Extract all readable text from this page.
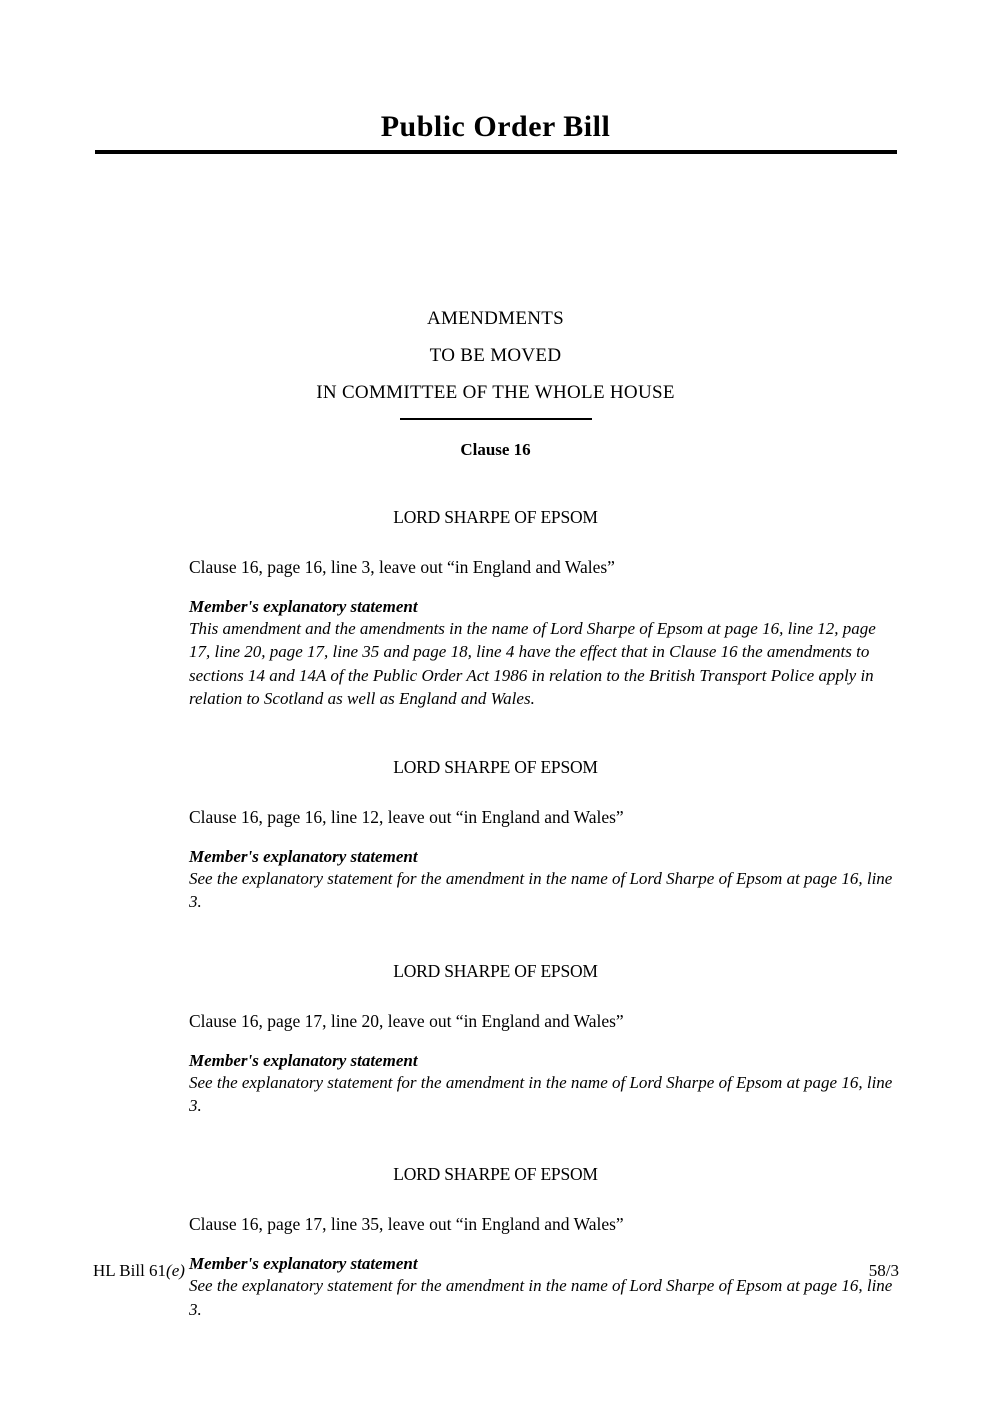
Public Order Bill
AMENDMENTS
TO BE MOVED
IN COMMITTEE OF THE WHOLE HOUSE
Clause 16
LORD SHARPE OF EPSOM
Clause 16, page 16, line 3, leave out “in England and Wales”
Member's explanatory statement
This amendment and the amendments in the name of Lord Sharpe of Epsom at page 16, line 12, page 17, line 20, page 17, line 35 and page 18, line 4 have the effect that in Clause 16 the amendments to sections 14 and 14A of the Public Order Act 1986 in relation to the British Transport Police apply in relation to Scotland as well as England and Wales.
LORD SHARPE OF EPSOM
Clause 16, page 16, line 12, leave out “in England and Wales”
Member's explanatory statement
See the explanatory statement for the amendment in the name of Lord Sharpe of Epsom at page 16, line 3.
LORD SHARPE OF EPSOM
Clause 16, page 17, line 20, leave out “in England and Wales”
Member's explanatory statement
See the explanatory statement for the amendment in the name of Lord Sharpe of Epsom at page 16, line 3.
LORD SHARPE OF EPSOM
Clause 16, page 17, line 35, leave out “in England and Wales”
Member's explanatory statement
See the explanatory statement for the amendment in the name of Lord Sharpe of Epsom at page 16, line 3.
HL Bill 61(e)	58/3
